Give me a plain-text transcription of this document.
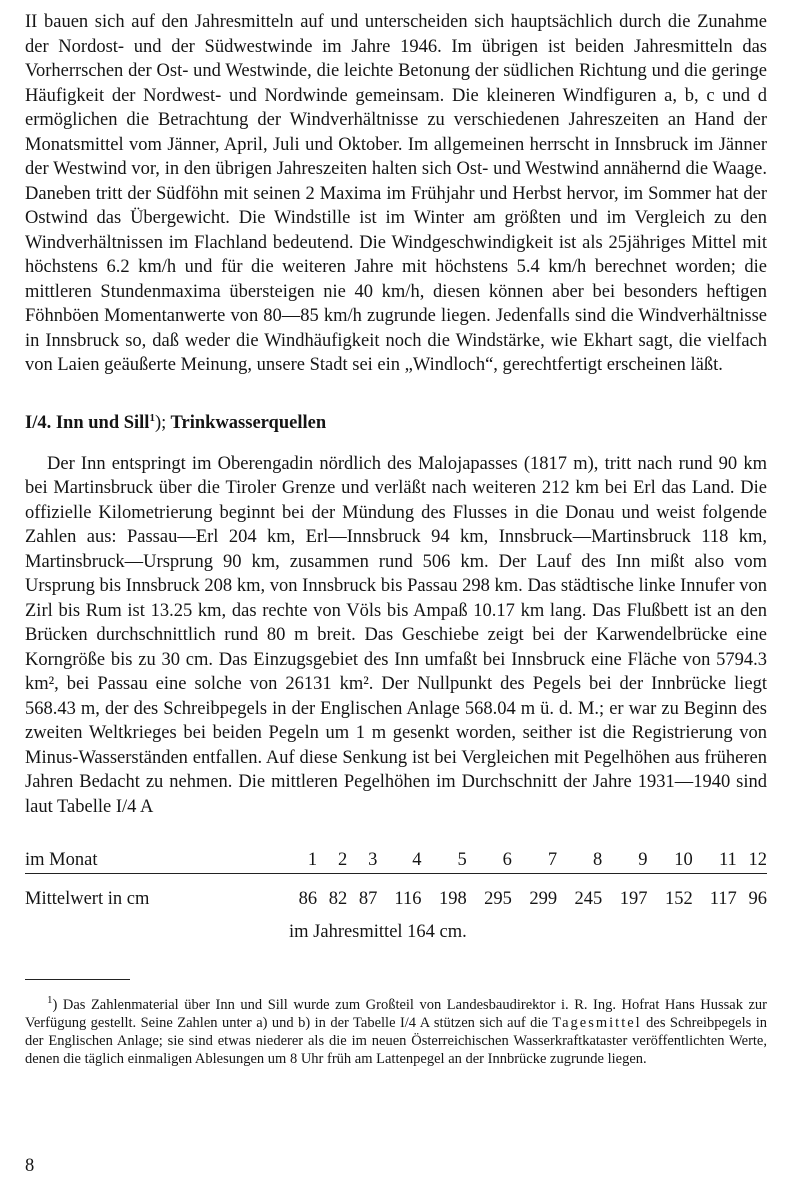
II bauen sich auf den Jahresmitteln auf und unterscheiden sich hauptsächlich durch die Zunahme der Nordost- und der Südwestwinde im Jahre 1946. Im übrigen ist beiden Jahresmitteln das Vorherrschen der Ost- und Westwinde, die leichte Betonung der südlichen Richtung und die geringe Häufigkeit der Nordwest- und Nordwinde gemeinsam. Die kleineren Windfiguren a, b, c und d ermöglichen die Betrachtung der Windverhältnisse zu verschiedenen Jahreszeiten an Hand der Monatsmittel vom Jänner, April, Juli und Oktober. Im allgemeinen herrscht in Innsbruck im Jänner der Westwind vor, in den übrigen Jahreszeiten halten sich Ost- und Westwind annähernd die Waage. Daneben tritt der Südföhn mit seinen 2 Maxima im Frühjahr und Herbst hervor, im Sommer hat der Ostwind das Übergewicht. Die Windstille ist im Winter am größten und im Vergleich zu den Windverhältnissen im Flachland bedeutend. Die Windgeschwindigkeit ist als 25jähriges Mittel mit höchstens 6.2 km/h und für die weiteren Jahre mit höchstens 5.4 km/h berechnet worden; die mittleren Stundenmaxima übersteigen nie 40 km/h, diesen können aber bei besonders heftigen Föhnböen Momentanwerte von 80—85 km/h zugrunde liegen. Jedenfalls sind die Windverhältnisse in Innsbruck so, daß weder die Windhäufigkeit noch die Windstärke, wie Ekhart sagt, die vielfach von Laien geäußerte Meinung, unsere Stadt sei ein „Windloch“, gerechtfertigt erscheinen läßt.

I/4. Inn und Sill$^1$); Trinkwasserquellen

Der Inn entspringt im Oberengadin nördlich des Malojapasses (1817 m), tritt nach rund 90 km bei Martinsbruck über die Tiroler Grenze und verläßt nach weiteren 212 km bei Erl das Land. Die offizielle Kilometrierung beginnt bei der Mündung des Flusses in die Donau und weist folgende Zahlen aus: Passau—Erl 204 km, Erl—Innsbruck 94 km, Innsbruck—Martinsbruck 118 km, Martinsbruck—Ursprung 90 km, zusammen rund 506 km. Der Lauf des Inn mißt also vom Ursprung bis Innsbruck 208 km, von Innsbruck bis Passau 298 km. Das städtische linke Innufer von Zirl bis Rum ist 13.25 km, das rechte von Völs bis Ampaß 10.17 km lang. Das Flußbett ist an den Brücken durchschnittlich rund 80 m breit. Das Geschiebe zeigt bei der Karwendelbrücke eine Korngröße bis zu 30 cm. Das Einzugsgebiet des Inn umfaßt bei Innsbruck eine Fläche von 5794.3 km², bei Passau eine solche von 26131 km². Der Nullpunkt des Pegels bei der Innbrücke liegt 568.43 m, der des Schreibpegels in der Englischen Anlage 568.04 m ü. d. M.; er war zu Beginn des zweiten Weltkrieges bei beiden Pegeln um 1 m gesenkt worden, seither ist die Registrierung von Minus-Wasserständen entfallen. Auf diese Senkung ist bei Vergleichen mit Pegelhöhen aus früheren Jahren Bedacht zu nehmen. Die mittleren Pegelhöhen im Durchschnitt der Jahre 1931—1940 sind laut Tabelle I/4 A

im Monat	1	2	3	4	5	6	7	8	9	10	11	12

Mittelwert in cm	86	82	87	116	198	295	299	245	197	152	117	96
im Jahresmittel 164 cm.

$^1$) Das Zahlenmaterial über Inn und Sill wurde zum Großteil von Landesbaudirektor i. R. Ing. Hofrat Hans Hussak zur Verfügung gestellt. Seine Zahlen unter a) und b) in der Tabelle I/4 A stützen sich auf die Tagesmittel des Schreibpegels in der Englischen Anlage; sie sind etwas niederer als die im neuen Österreichischen Wasserkraftkataster veröffentlichten Werte, denen die täglich einmaligen Ablesungen um 8 Uhr früh am Lattenpegel an der Innbrücke zugrunde liegen.

8
